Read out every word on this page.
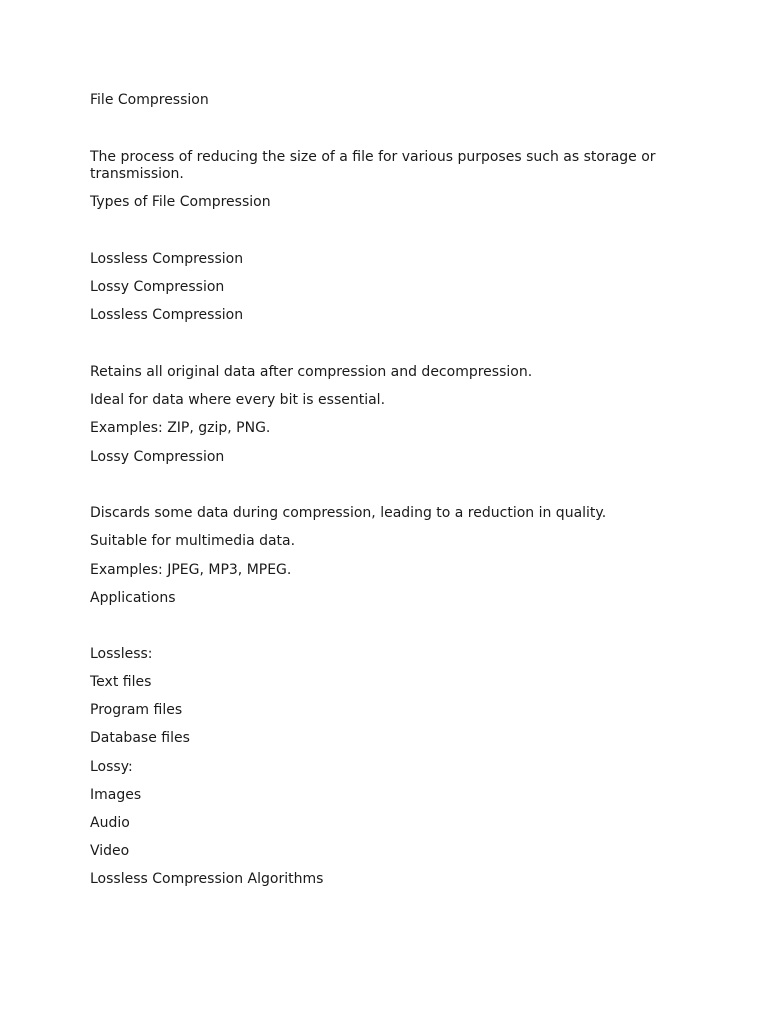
File Compression

The process of reducing the size of a file for various purposes such as storage or transmission.

Types of File Compression

Lossless Compression

Lossy Compression

Lossless Compression

Retains all original data after compression and decompression.

Ideal for data where every bit is essential.

Examples: ZIP, gzip, PNG.

Lossy Compression

Discards some data during compression, leading to a reduction in quality.

Suitable for multimedia data.

Examples: JPEG, MP3, MPEG.

Applications

Lossless:

Text files

Program files

Database files

Lossy:

Images

Audio

Video

Lossless Compression Algorithms
